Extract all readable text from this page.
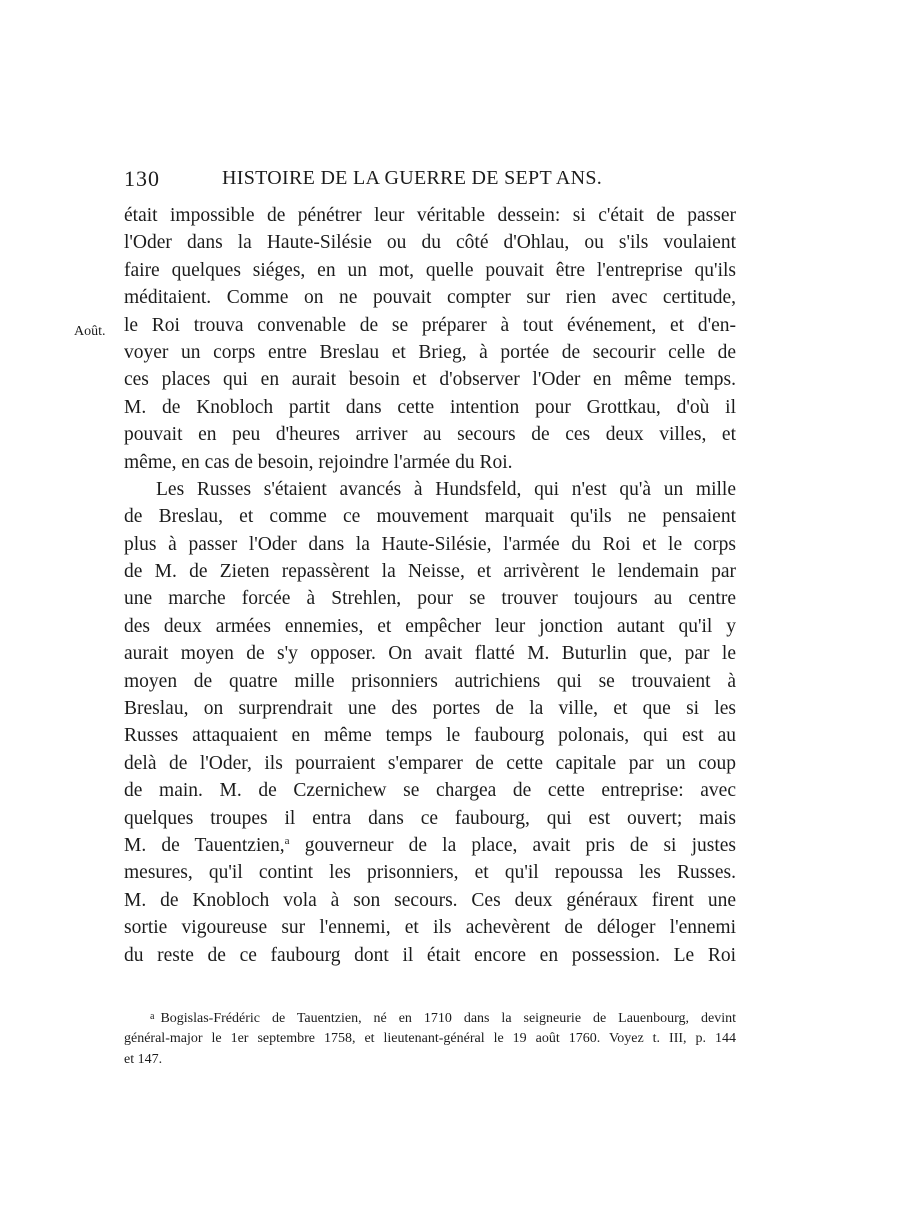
130	HISTOIRE DE LA GUERRE DE SEPT ANS.
Août.
était impossible de pénétrer leur véritable dessein: si c'était de passer
l'Oder dans la Haute-Silésie ou du côté d'Ohlau, ou s'ils voulaient
faire quelques siéges, en un mot, quelle pouvait être l'entreprise qu'ils
méditaient. Comme on ne pouvait compter sur rien avec certitude,
le Roi trouva convenable de se préparer à tout événement, et d'en-
voyer un corps entre Breslau et Brieg, à portée de secourir celle de
ces places qui en aurait besoin et d'observer l'Oder en même temps.
M. de Knobloch partit dans cette intention pour Grottkau, d'où il
pouvait en peu d'heures arriver au secours de ces deux villes, et
même, en cas de besoin, rejoindre l'armée du Roi.
Les Russes s'étaient avancés à Hundsfeld, qui n'est qu'à un mille
de Breslau, et comme ce mouvement marquait qu'ils ne pensaient
plus à passer l'Oder dans la Haute-Silésie, l'armée du Roi et le corps
de M. de Zieten repassèrent la Neisse, et arrivèrent le lendemain par
une marche forcée à Strehlen, pour se trouver toujours au centre
des deux armées ennemies, et empêcher leur jonction autant qu'il y
aurait moyen de s'y opposer. On avait flatté M. Buturlin que, par le
moyen de quatre mille prisonniers autrichiens qui se trouvaient à
Breslau, on surprendrait une des portes de la ville, et que si les
Russes attaquaient en même temps le faubourg polonais, qui est au
delà de l'Oder, ils pourraient s'emparer de cette capitale par un coup
de main. M. de Czernichew se chargea de cette entreprise: avec
quelques troupes il entra dans ce faubourg, qui est ouvert; mais
M. de Tauentzien,$^a$ gouverneur de la place, avait pris de si justes
mesures, qu'il contint les prisonniers, et qu'il repoussa les Russes.
M. de Knobloch vola à son secours. Ces deux généraux firent une
sortie vigoureuse sur l'ennemi, et ils achevèrent de déloger l'ennemi
du reste de ce faubourg dont il était encore en possession. Le Roi
$^a$ Bogislas-Frédéric de Tauentzien, né en 1710 dans la seigneurie de Lauenbourg, devint
général-major le 1er septembre 1758, et lieutenant-général le 19 août 1760. Voyez t. III, p. 144
et 147.
